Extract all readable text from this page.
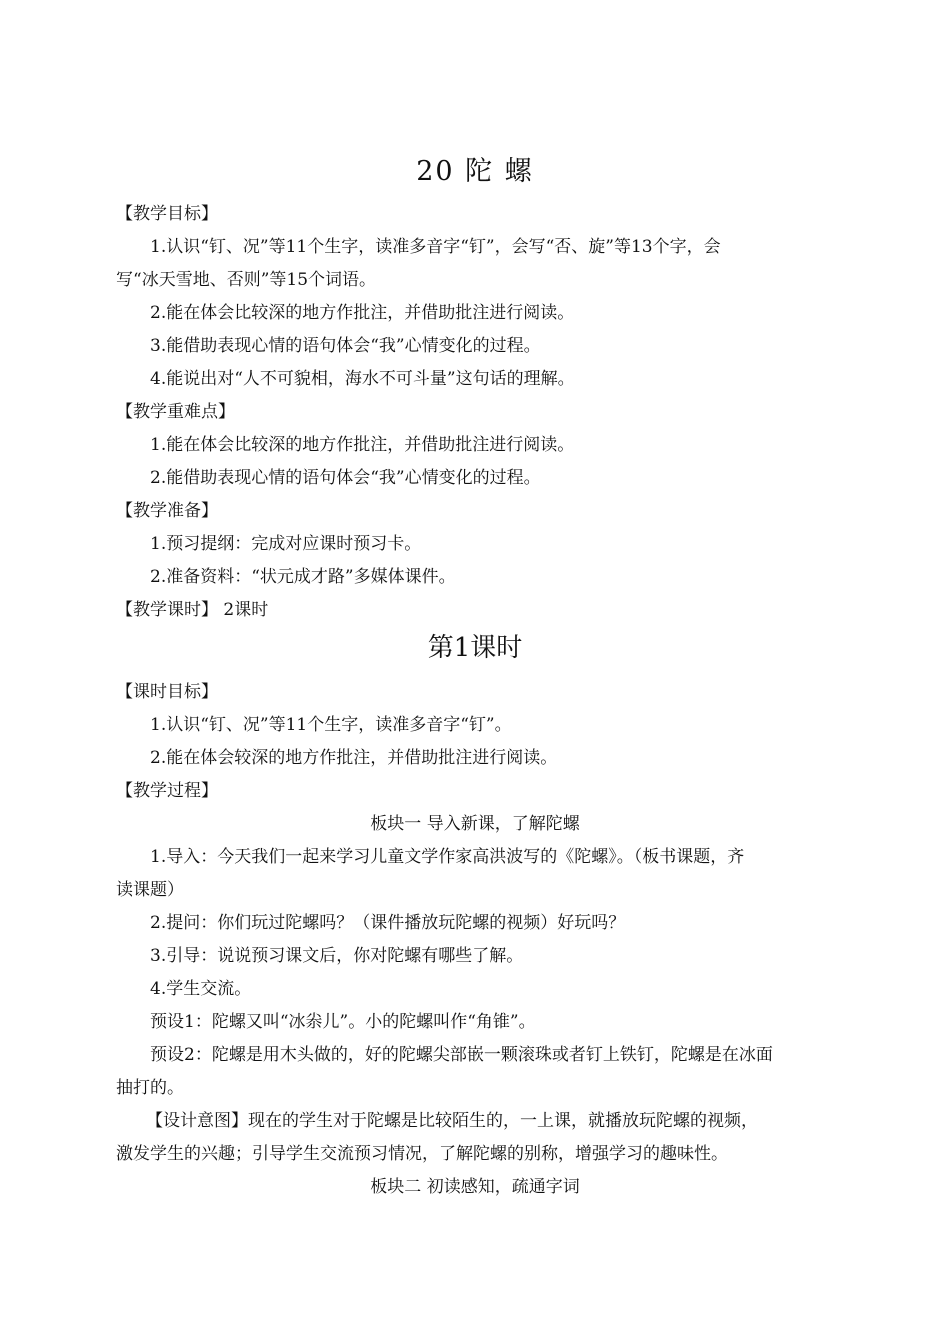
20 陀 螺
【教学目标】
1.认识“钉、况”等11个生字，读准多音字“钉”，会写“否、旋”等13个字，会
写“冰天雪地、否则”等15个词语。
2.能在体会比较深的地方作批注，并借助批注进行阅读。
3.能借助表现心情的语句体会“我”心情变化的过程。
4.能说出对“人不可貌相，海水不可斗量”这句话的理解。
【教学重难点】
1.能在体会比较深的地方作批注，并借助批注进行阅读。
2.能借助表现心情的语句体会“我”心情变化的过程。
【教学准备】
1.预习提纲：完成对应课时预习卡。
2.准备资料：“状元成才路”多媒体课件。
【教学课时】 2课时
第1课时
【课时目标】
1.认识“钉、况”等11个生字，读准多音字“钉”。
2.能在体会较深的地方作批注，并借助批注进行阅读。
【教学过程】
板块一 导入新课，了解陀螺
1.导入：今天我们一起来学习儿童文学作家高洪波写的《陀螺》。（板书课题，齐
读课题）
2.提问：你们玩过陀螺吗？（课件播放玩陀螺的视频）好玩吗？
3.引导：说说预习课文后，你对陀螺有哪些了解。
4.学生交流。
预设1：陀螺又叫“冰尜儿”。小的陀螺叫作“角锥”。
预设2：陀螺是用木头做的，好的陀螺尖部嵌一颗滚珠或者钉上铁钉，陀螺是在冰面
抽打的。
【设计意图】现在的学生对于陀螺是比较陌生的，一上课，就播放玩陀螺的视频，
激发学生的兴趣；引导学生交流预习情况，了解陀螺的别称，增强学习的趣味性。
板块二 初读感知，疏通字词
